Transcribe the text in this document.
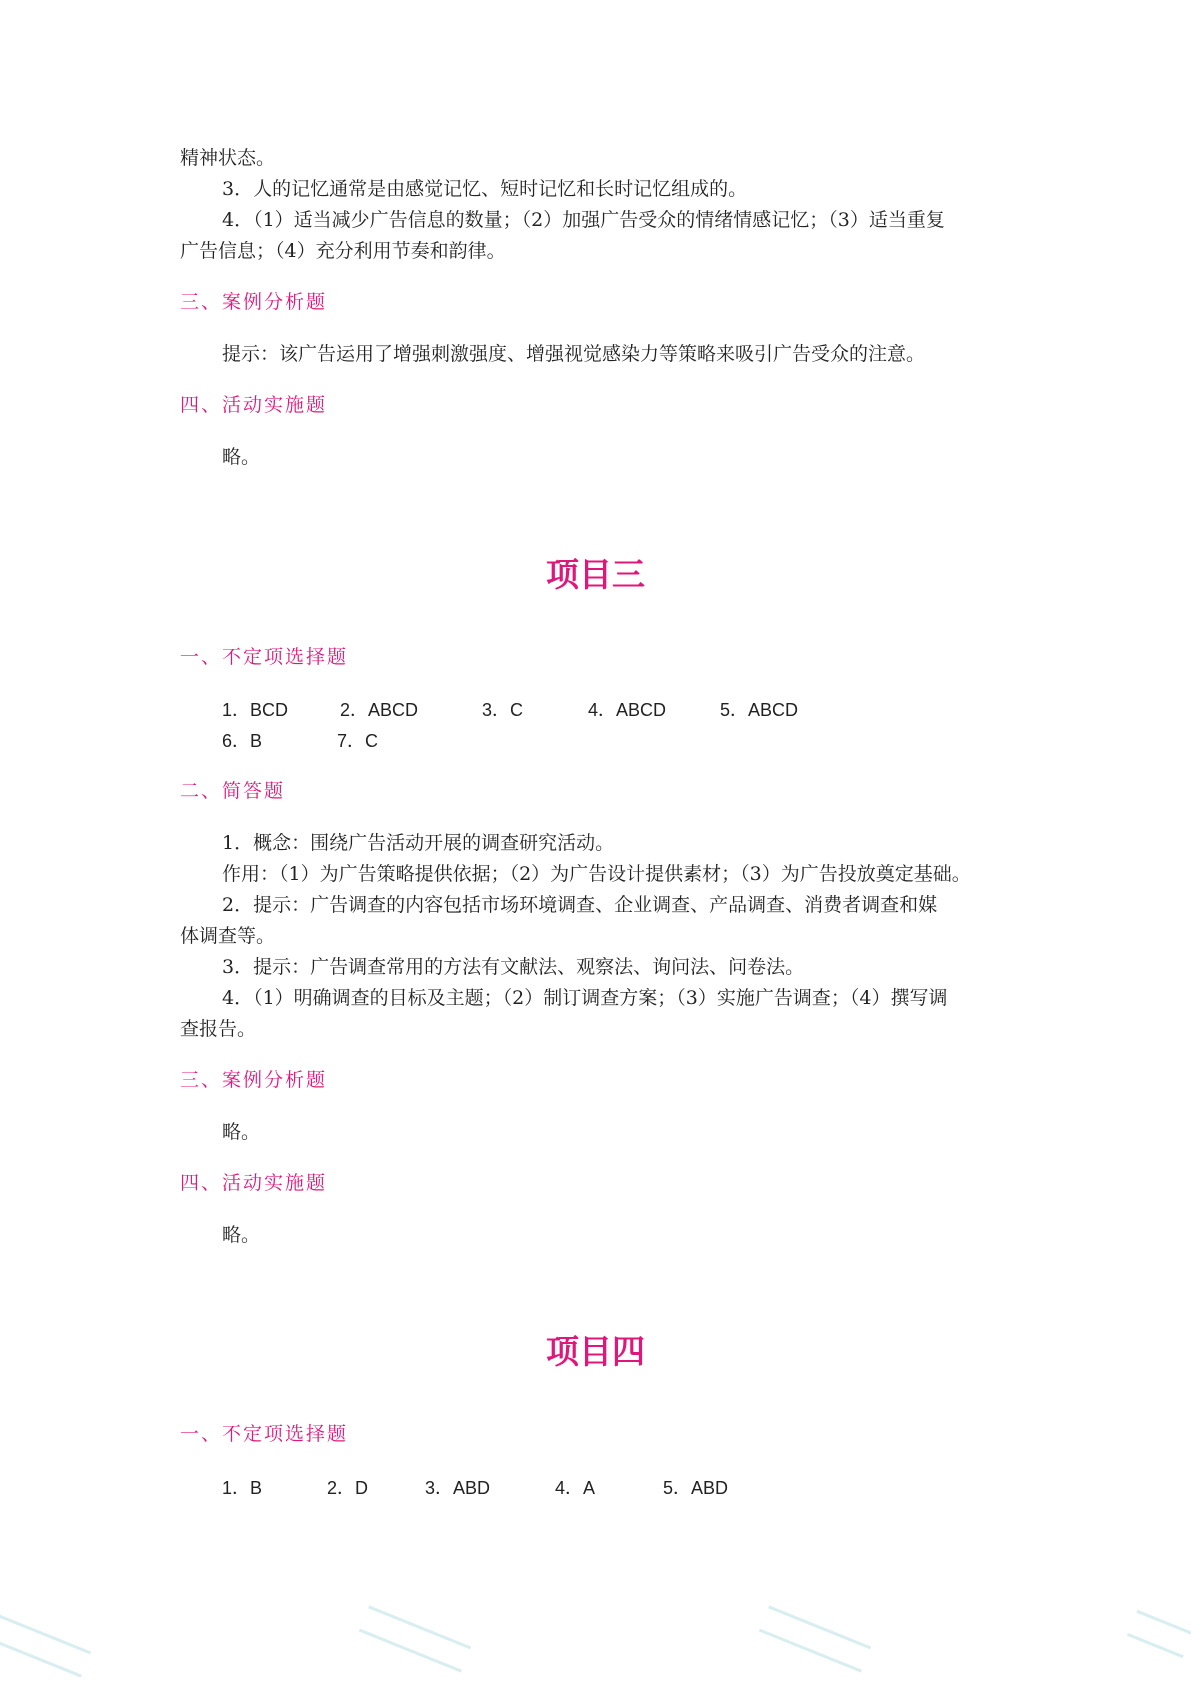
精神状态。
3．人的记忆通常是由感觉记忆、短时记忆和长时记忆组成的。
4．（1）适当减少广告信息的数量；（2）加强广告受众的情绪情感记忆；（3）适当重复
广告信息；（4）充分利用节奏和韵律。
三、案例分析题
提示：该广告运用了增强刺激强度、增强视觉感染力等策略来吸引广告受众的注意。
四、活动实施题
略。
项目三
一、不定项选择题
1．BCD	2．ABCD	3．C	4．ABCD	5．ABCD
6．B	7．C
二、简答题
1．概念：围绕广告活动开展的调查研究活动。
作用：（1）为广告策略提供依据；（2）为广告设计提供素材；（3）为广告投放奠定基础。
2．提示：广告调查的内容包括市场环境调查、企业调查、产品调查、消费者调查和媒
体调查等。
3．提示：广告调查常用的方法有文献法、观察法、询问法、问卷法。
4．（1）明确调查的目标及主题；（2）制订调查方案；（3）实施广告调查；（4）撰写调
查报告。
三、案例分析题
略。
四、活动实施题
略。
项目四
一、不定项选择题
1．B	2．D	3．ABD	4．A	5．ABD
